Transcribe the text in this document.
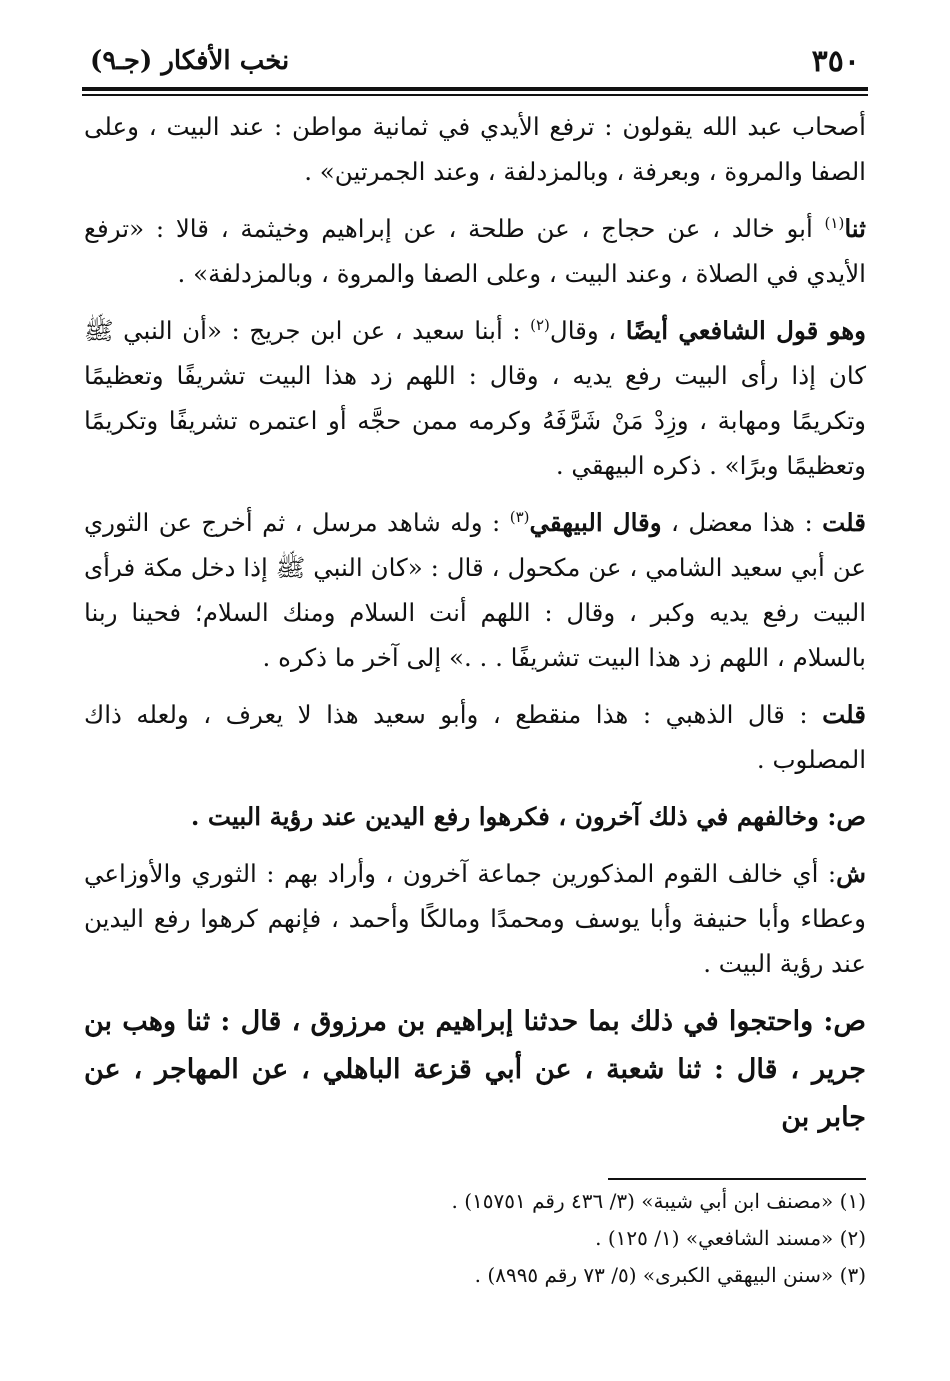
٣٥٠
نخب الأفكار (جـ٩)

أصحاب عبد الله يقولون : ترفع الأيدي في ثمانية مواطن : عند البيت ، وعلى الصفا والمروة ، وبعرفة ، وبالمزدلفة ، وعند الجمرتين» .

ثنا$^{(١)}$ أبو خالد ، عن حجاج ، عن طلحة ، عن إبراهيم وخيثمة ، قالا : «ترفع الأيدي في الصلاة ، وعند البيت ، وعلى الصفا والمروة ، وبالمزدلفة» .

وهو قول الشافعي أيضًا ، وقال$^{(٢)}$ : أبنا سعيد ، عن ابن جريج : «أن النبي ﷺ كان إذا رأى البيت رفع يديه ، وقال : اللهم زد هذا البيت تشريفًا وتعظيمًا وتكريمًا ومهابة ، وزِدْ مَنْ شَرَّفَهُ وكرمه ممن حجَّه أو اعتمره تشريفًا وتكريمًا وتعظيمًا وبرًا» . ذكره البيهقي .

قلت : هذا معضل ، وقال البيهقي$^{(٣)}$ : وله شاهد مرسل ، ثم أخرج عن الثوري عن أبي سعيد الشامي ، عن مكحول ، قال : «كان النبي ﷺ إذا دخل مكة فرأى البيت رفع يديه وكبر ، وقال : اللهم أنت السلام ومنك السلام؛ فحينا ربنا بالسلام ، اللهم زد هذا البيت تشريفًا . . .» إلى آخر ما ذكره .

قلت : قال الذهبي : هذا منقطع ، وأبو سعيد هذا لا يعرف ، ولعله ذاك المصلوب .

ص: وخالفهم في ذلك آخرون ، فكرهوا رفع اليدين عند رؤية البيت .

ش: أي خالف القوم المذكورين جماعة آخرون ، وأراد بهم : الثوري والأوزاعي وعطاء وأبا حنيفة وأبا يوسف ومحمدًا ومالكًا وأحمد ، فإنهم كرهوا رفع اليدين عند رؤية البيت .

ص: واحتجوا في ذلك بما حدثنا إبراهيم بن مرزوق ، قال : ثنا وهب بن جرير ، قال : ثنا شعبة ، عن أبي قزعة الباهلي ، عن المهاجر ، عن جابر بن

(١) «مصنف ابن أبي شيبة» (٣/ ٤٣٦ رقم ١٥٧٥١) .
(٢) «مسند الشافعي» (١/ ١٢٥) .
(٣) «سنن البيهقي الكبرى» (٥/ ٧٣ رقم ٨٩٩٥) .
